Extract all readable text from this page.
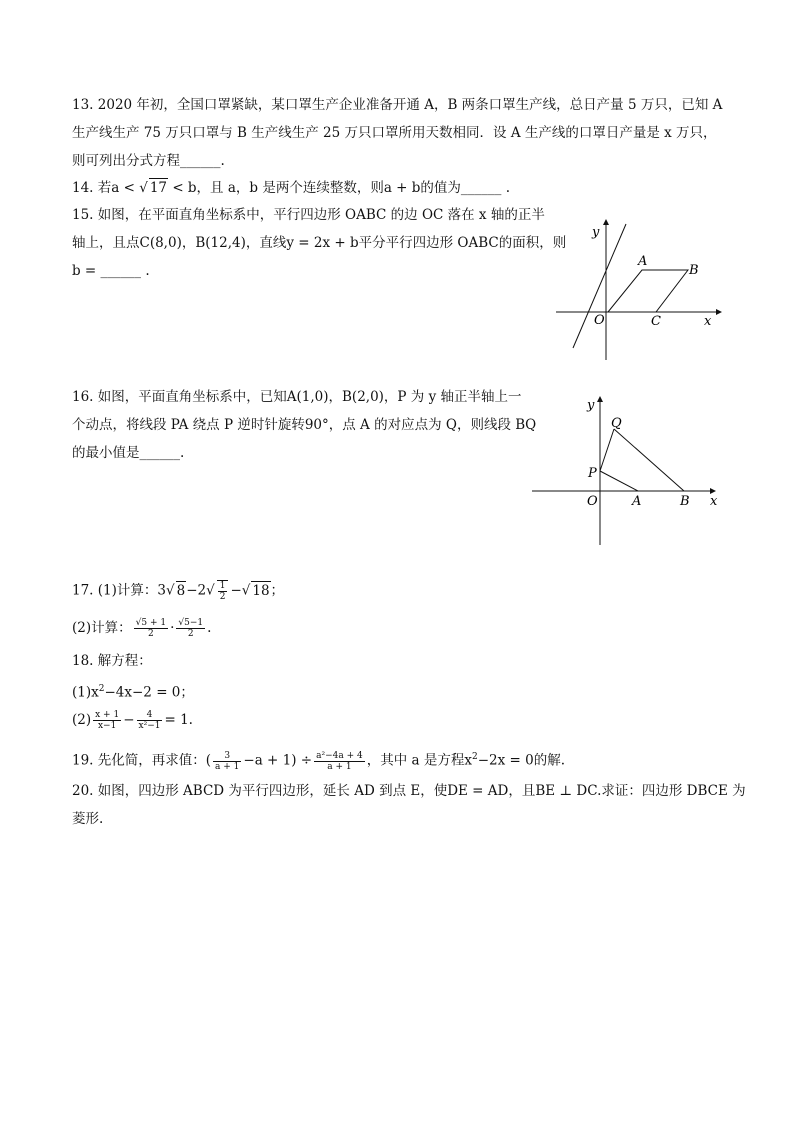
13. 2020 年初，全国口罩紧缺，某口罩生产企业准备开通 A，B 两条口罩生产线，总日产量 5 万只，已知 A
生产线生产 75 万只口罩与 B 生产线生产 25 万只口罩所用天数相同．设 A 生产线的口罩日产量是 x 万只，
则可列出分式方程______.
14. 若a < √ 17 < b，且 a，b 是两个连续整数，则a + b的值为______ .
15. 如图，在平面直角坐标系中，平行四边形 OABC 的边 OC 落在 x 轴的正半
轴上，且点C(8,0)，B(12,4)，直线y = 2x + b平分平行四边形 OABC的面积，则
b = ______ .
y
x
O
A
B
C
16. 如图，平面直角坐标系中，已知A(1,0)，B(2,0)，P 为 y 轴正半轴上一
个动点，将线段 PA 绕点 P 逆时针旋转90°，点 A 的对应点为 Q，则线段 BQ
的最小值是______.
y
x
O	A	B
P
Q
17. (1)计算：3√ $8-2√ \frac{1}{2}$ −√ 18；
(2)计算： $\frac{√5 + 1}{2} \cdot \frac{√5-1}{2}$ .
18. 解方程：
$(1)x^2-4x-2 = 0$；
$(2) \frac{x + 1}{x-1} - \frac{4}{\text{x²−1}} = 1$.
19. 先化简，再求值：( $\frac{3}{a + 1} -a + 1) \div \frac{\text{a²−4a + 4}}{a + 1}$ ，其中 a 是方程$x^2-2x = 0$的解.
20. 如图，四边形 ABCD 为平行四边形，延长 AD 到点 E，使DE = AD，且BE ⊥ DC.求证：四边形 DBCE 为
菱形.
